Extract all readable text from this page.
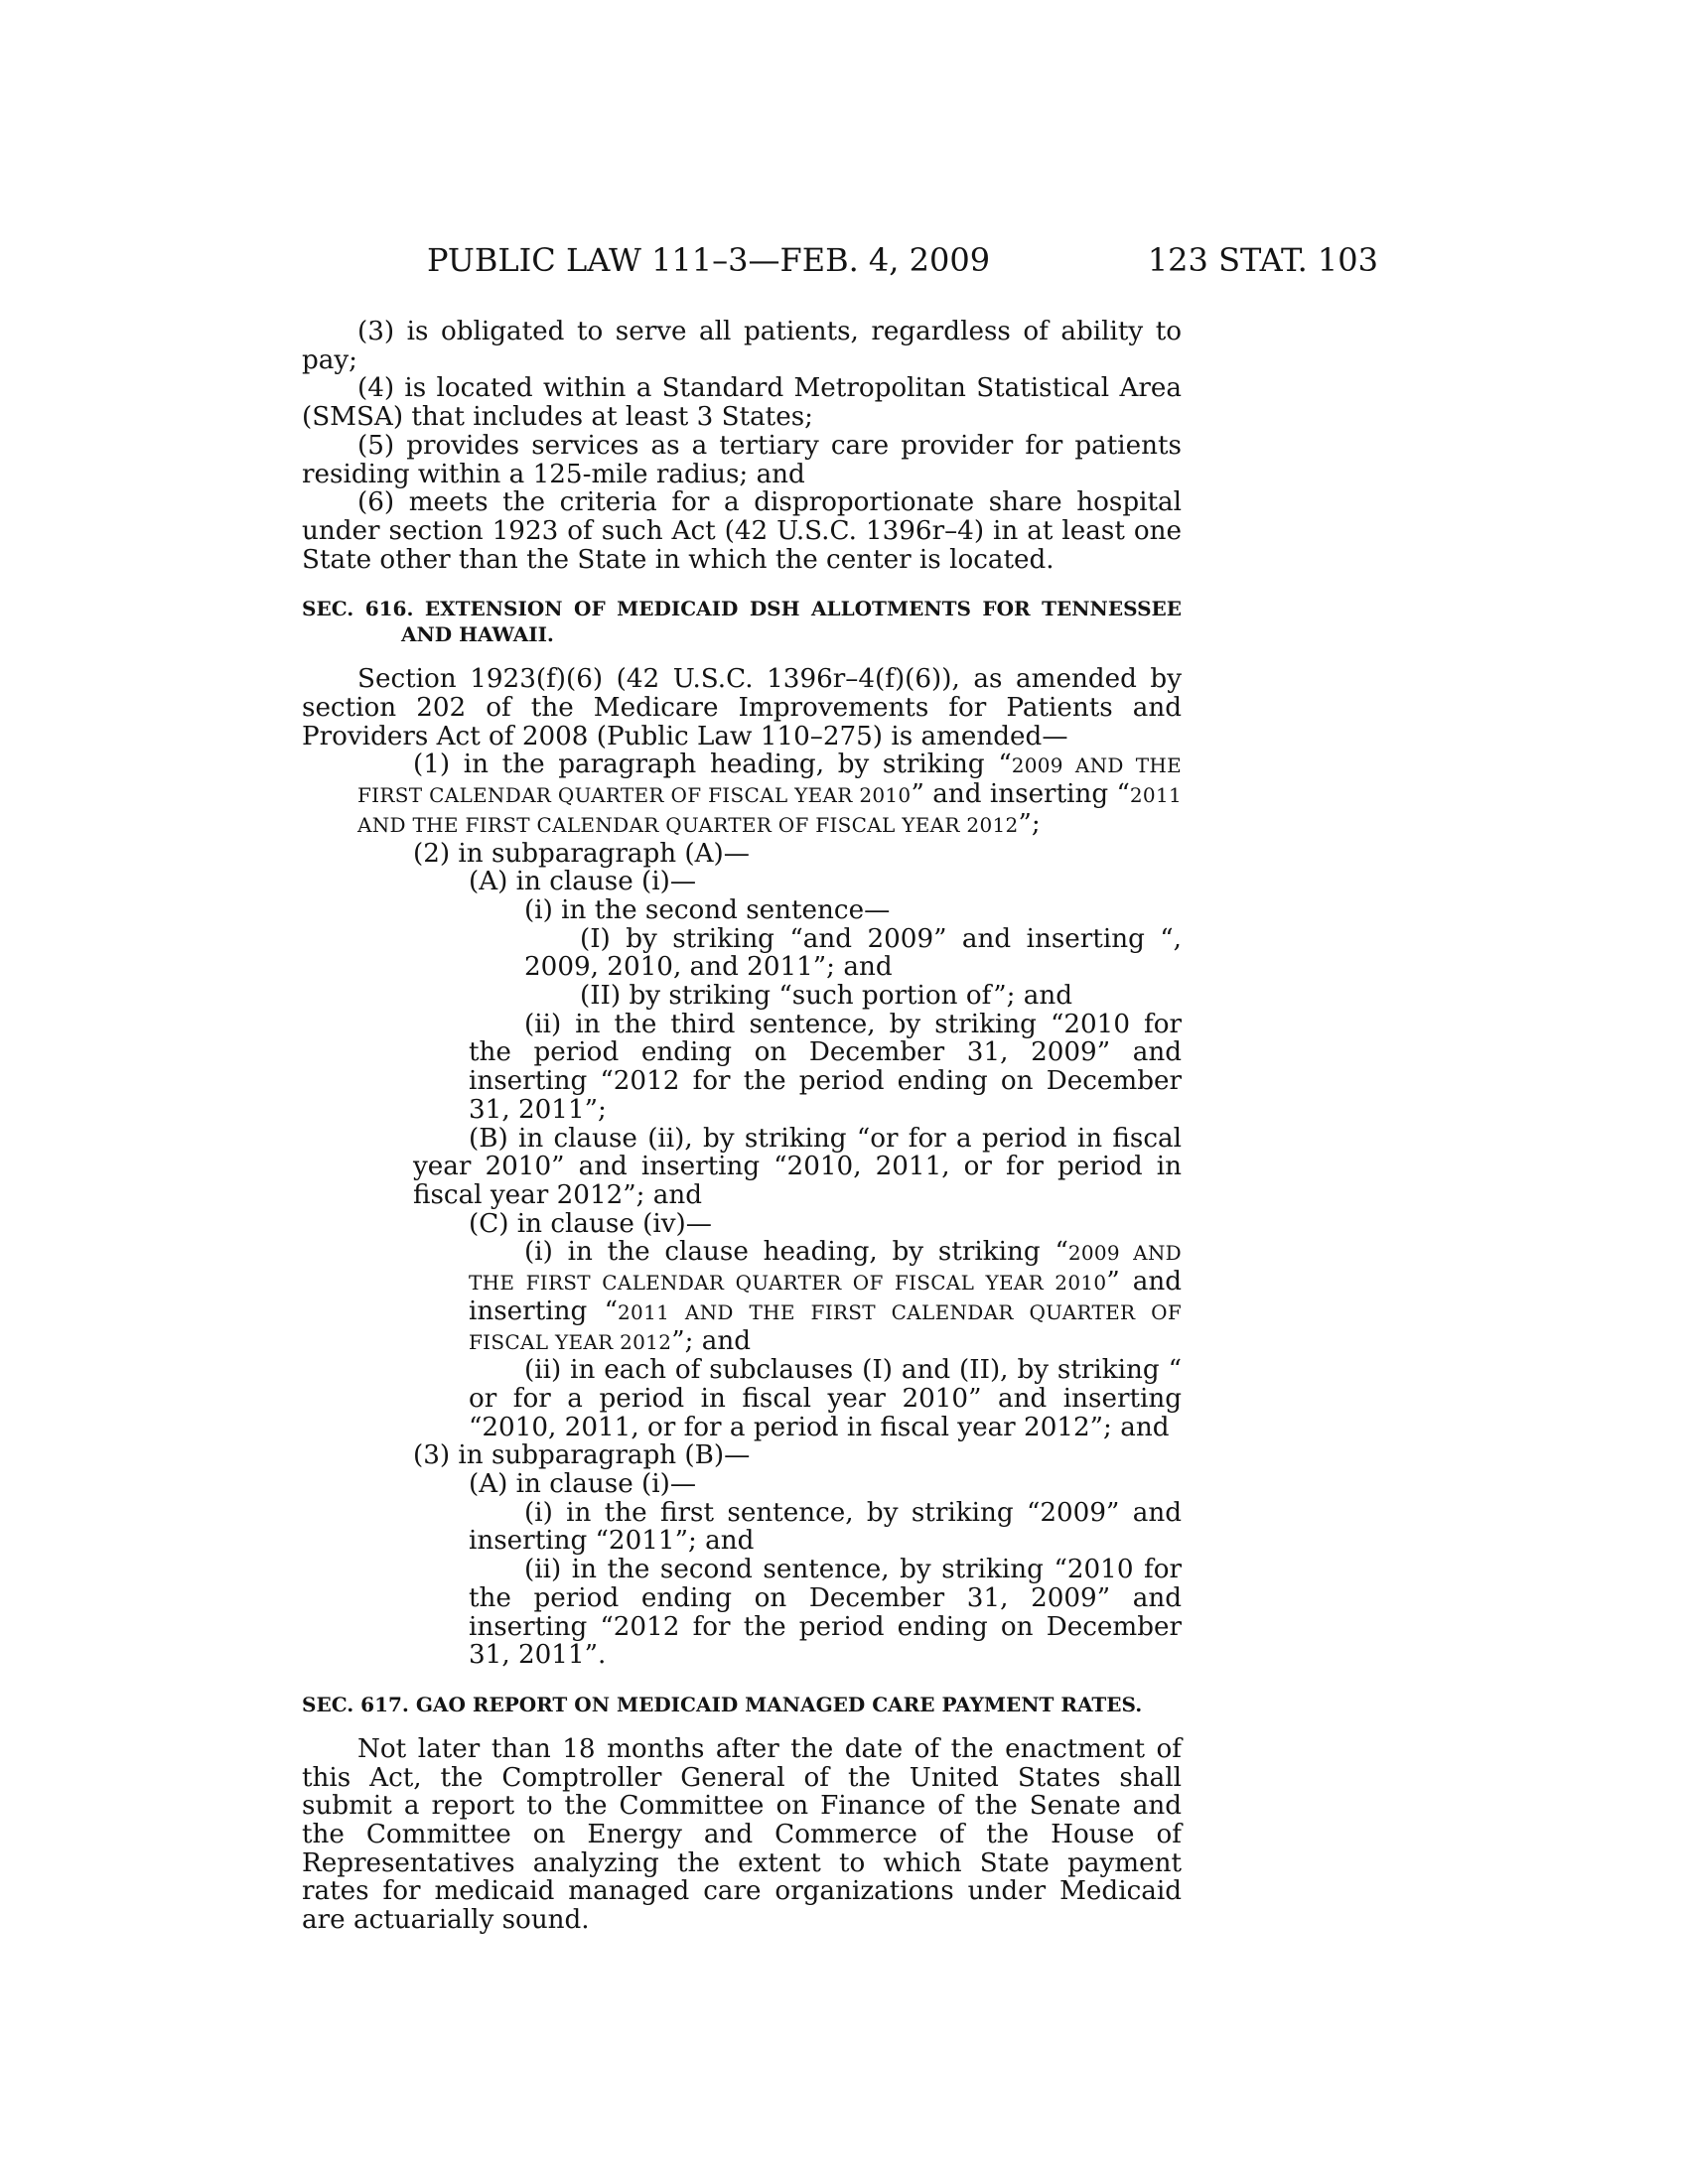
PUBLIC LAW 111–3—FEB. 4, 2009	123 STAT. 103

(3) is obligated to serve all patients, regardless of ability to pay;

(4) is located within a Standard Metropolitan Statistical Area (SMSA) that includes at least 3 States;

(5) provides services as a tertiary care provider for patients residing within a 125-mile radius; and

(6) meets the criteria for a disproportionate share hospital under section 1923 of such Act (42 U.S.C. 1396r–4) in at least one State other than the State in which the center is located.

SEC. 616. EXTENSION OF MEDICAID DSH ALLOTMENTS FOR TENNESSEE AND HAWAII.

Section 1923(f)(6) (42 U.S.C. 1396r–4(f)(6)), as amended by section 202 of the Medicare Improvements for Patients and Providers Act of 2008 (Public Law 110–275) is amended—

(1) in the paragraph heading, by striking “2009 AND THE FIRST CALENDAR QUARTER OF FISCAL YEAR 2010” and inserting “2011 AND THE FIRST CALENDAR QUARTER OF FISCAL YEAR 2012”;

(2) in subparagraph (A)—

(A) in clause (i)—

(i) in the second sentence—

(I) by striking “and 2009” and inserting “, 2009, 2010, and 2011”; and

(II) by striking “such portion of”; and

(ii) in the third sentence, by striking “2010 for the period ending on December 31, 2009” and inserting “2012 for the period ending on December 31, 2011”;

(B) in clause (ii), by striking “or for a period in fiscal year 2010” and inserting “2010, 2011, or for period in fiscal year 2012”; and

(C) in clause (iv)—

(i) in the clause heading, by striking “2009 AND THE FIRST CALENDAR QUARTER OF FISCAL YEAR 2010” and inserting “2011 AND THE FIRST CALENDAR QUARTER OF FISCAL YEAR 2012”; and

(ii) in each of subclauses (I) and (II), by striking “ or for a period in fiscal year 2010” and inserting “2010, 2011, or for a period in fiscal year 2012”; and

(3) in subparagraph (B)—

(A) in clause (i)—

(i) in the first sentence, by striking “2009” and inserting “2011”; and

(ii) in the second sentence, by striking “2010 for the period ending on December 31, 2009” and inserting “2012 for the period ending on December 31, 2011”.

SEC. 617. GAO REPORT ON MEDICAID MANAGED CARE PAYMENT RATES.

Not later than 18 months after the date of the enactment of this Act, the Comptroller General of the United States shall submit a report to the Committee on Finance of the Senate and the Committee on Energy and Commerce of the House of Representatives analyzing the extent to which State payment rates for medicaid managed care organizations under Medicaid are actuarially sound.
